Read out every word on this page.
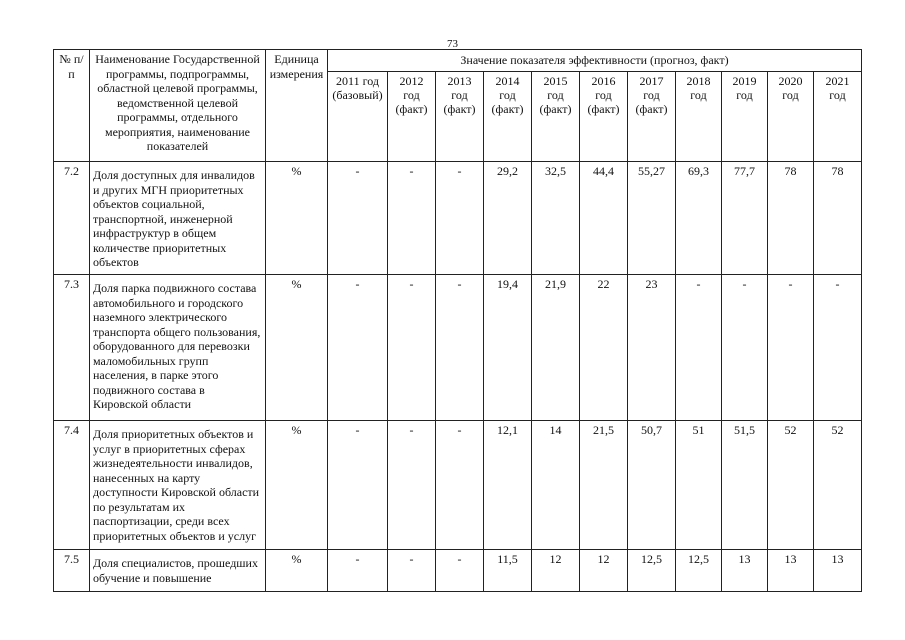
73
№ п/п	Наименование Государственной программы, подпрограммы, областной целевой программы, ведомственной целевой программы, отдельного мероприятия, наименование показателей	Единица измерения	Значение показателя эффективности (прогноз, факт)										
			2011 год (базовый)	2012 год (факт)	2013 год (факт)	2014 год (факт)	2015 год (факт)	2016 год (факт)	2017 год (факт)	2018 год	2019 год	2020 год	2021 год
7.2	Доля доступных для инвалидов и других МГН приоритетных объектов социальной, транспортной, инженерной инфраструктур в общем количестве приоритетных объектов	%	-	-	-	29,2	32,5	44,4	55,27	69,3	77,7	78	78
7.3	Доля парка подвижного состава автомобильного и городского наземного электрического транспорта общего пользования, оборудованного для перевозки маломобильных групп населения, в парке этого подвижного состава в Кировской области	%	-	-	-	19,4	21,9	22	23	-	-	-	-
7.4	Доля приоритетных объектов и услуг в приоритетных сферах жизнедеятельности инвалидов, нанесенных на карту доступности Кировской области по результатам их паспортизации, среди всех приоритетных объектов и услуг	%	-	-	-	12,1	14	21,5	50,7	51	51,5	52	52
7.5	Доля специалистов, прошедших обучение и повышение	%	-	-	-	11,5	12	12	12,5	12,5	13	13	13
